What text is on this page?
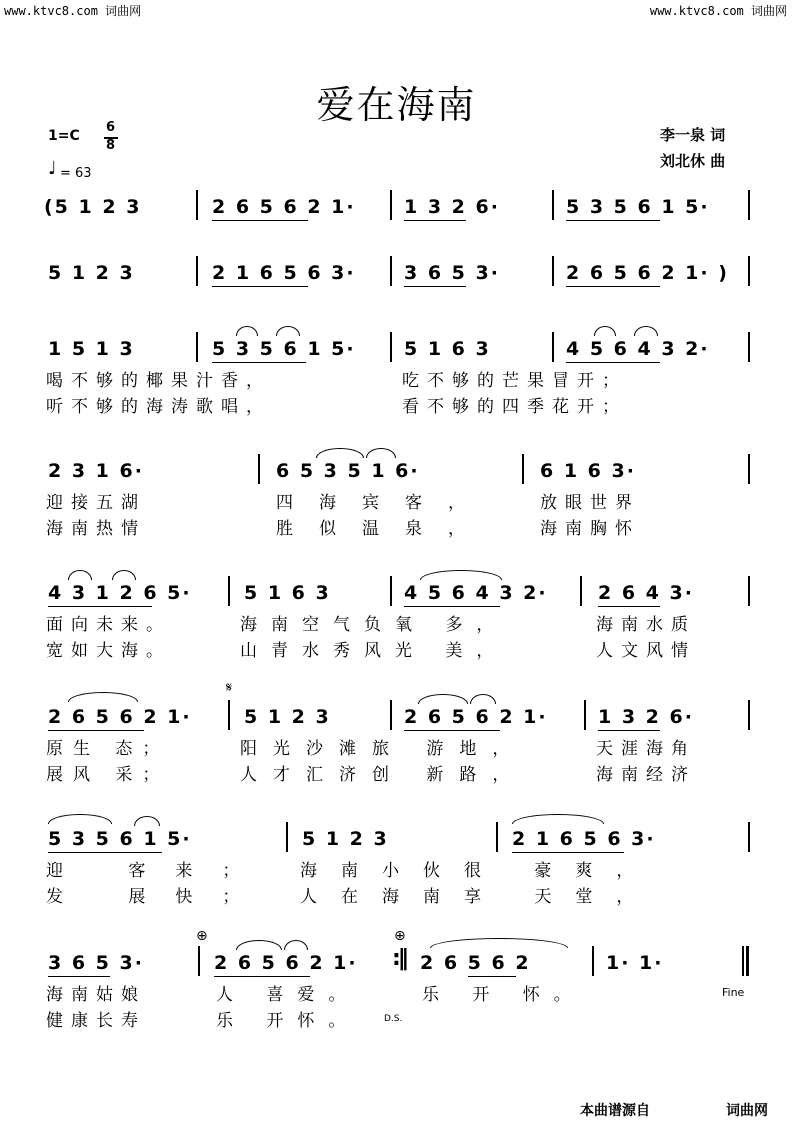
www.ktvc8.com 词曲网	www.ktvc8.com 词曲网
爱在海南
1=C
6
8
♩ = 63
李一泉 词
刘北休 曲
(5 1 2 3	2 6 5 6 2 1·	1 3 2 6·	5 3 5 6 1 5·
5 1 2 3	2 1 6 5 6 3·	3 6 5 3·	2 6 5 6 2 1· )
1 5 1 3	5 3 5 6 1 5·	5 1 6 3	4 5 6 4 3 2·
喝不够的椰果汁香，	吃不够的芒果冒开；
听不够的海涛歌唱，	看不够的四季花开；
2 3 1 6·	6 5 3 5 1 6·	6 1 6 3·
迎接五湖	四海宾客，	放眼世界
海南热情	胜似温泉，	海南胸怀
4 3 1 2 6 5·	5 1 6 3	4 5 6 4 3 2·	2 6 4 3·
面向未来。	海南空气负氧 多，	海南水质
宽如大海。	山青水秀风光 美，	人文风情
𝄋
2 6 5 6 2 1·	5 1 2 3	2 6 5 6 2 1·	1 3 2 6·
原生 态；	阳光沙滩旅 游地，	天涯海角
展风 采；	人才汇济创 新路，	海南经济
5 3 5 6 1 5·	5 1 2 3	2 1 6 5 6 3·
迎 客来； 海南小伙很 豪爽，
发 展快； 人在海南享 天堂，
⊕	⊕
3 6 5 3·	2 6 5 6 2 1· :‖ 2 6 5 6 2	1· 1·
海南姑娘	人 喜爱。	乐 开 怀。	Fine
健康长寿	乐 开怀。	D.S.
本曲谱源自	词曲网
